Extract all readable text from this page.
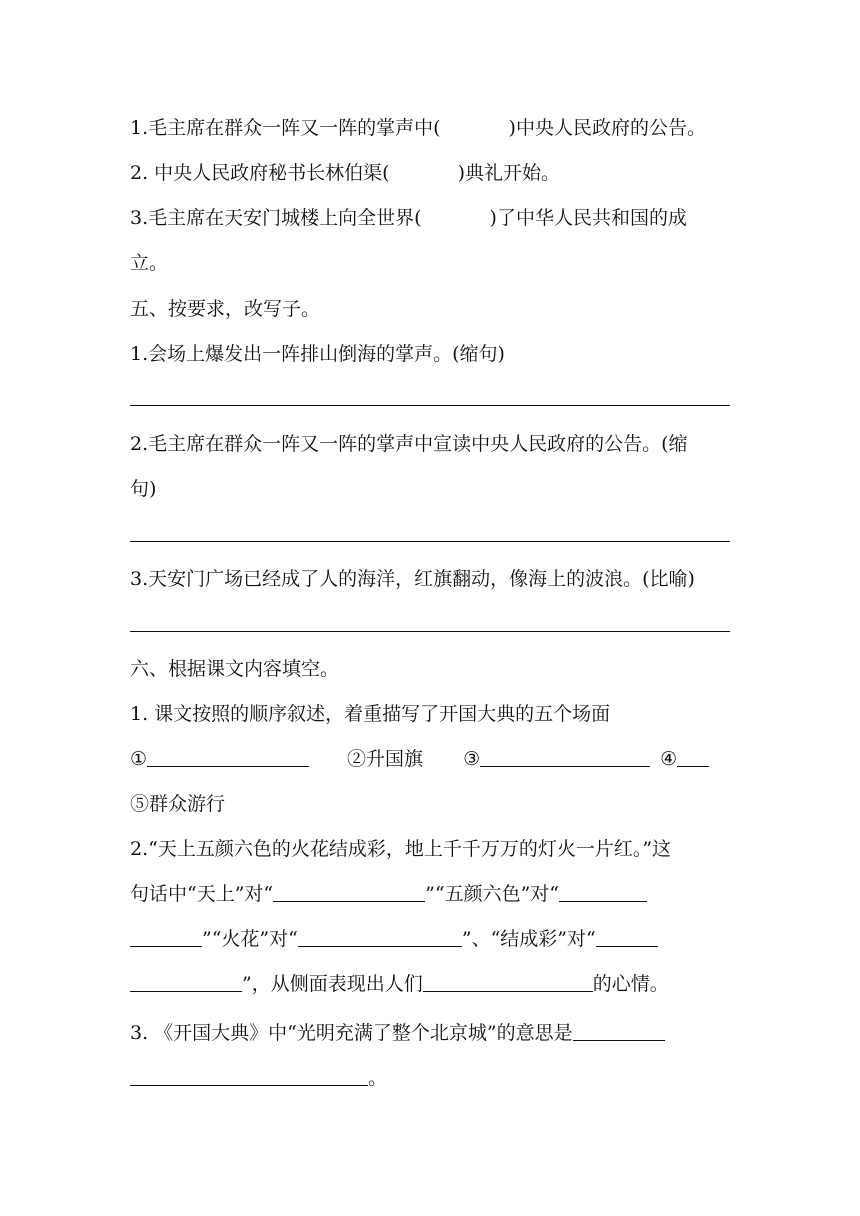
1.毛主席在群众一阵又一阵的掌声中(	)中央人民政府的公告。
2. 中央人民政府秘书长林伯渠(	)典礼开始。
3.毛主席在天安门城楼上向全世界(	)了中华人民共和国的成
立。
五、按要求，改写子。
1.会场上爆发出一阵排山倒海的掌声。(缩句)
2.毛主席在群众一阵又一阵的掌声中宣读中央人民政府的公告。(缩
句)
3.天安门广场已经成了人的海洋，红旗翻动，像海上的波浪。(比喻)
六、根据课文内容填空。
1. 课文按照的顺序叙述，着重描写了开国大典的五个场面
①	②升国旗 ③	④
⑤群众游行
2.“天上五颜六色的火花结成彩，地上千千万万的灯火一片红。”这
句话中“天上”对“	”“五颜六色”对“
”“火花”对“	”、“结成彩”对“
”，从侧面表现出人们	的心情。
3. 《开国大典》中“光明充满了整个北京城”的意思是
。
